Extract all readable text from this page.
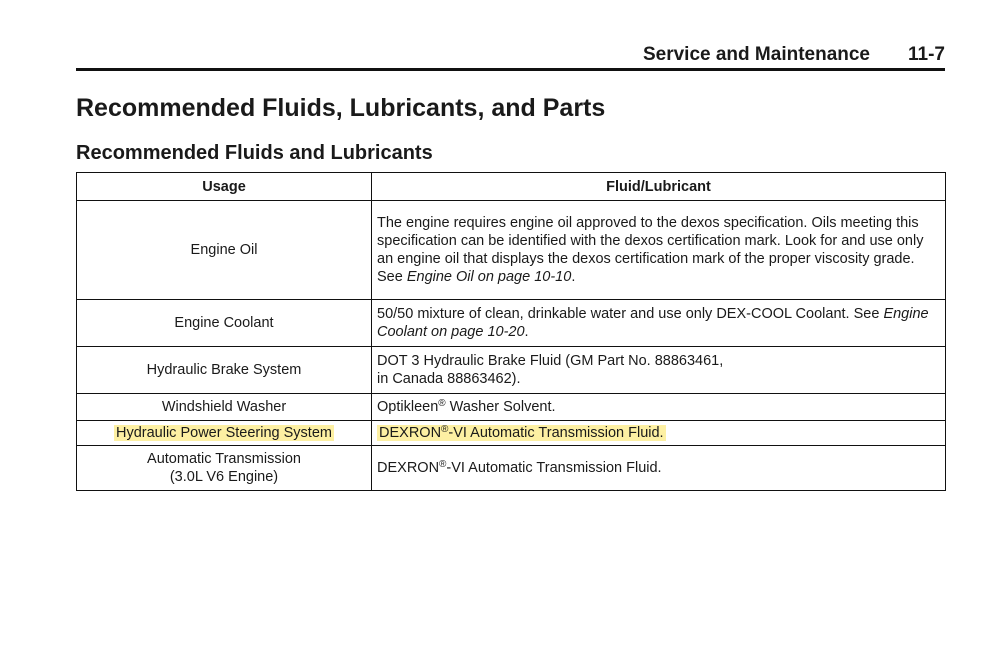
Service and Maintenance 11-7
Recommended Fluids, Lubricants, and Parts
Recommended Fluids and Lubricants
Usage	Fluid/Lubricant
Engine Oil	The engine requires engine oil approved to the dexos specification. Oils meeting this specification can be identified with the dexos certification mark. Look for and use only an engine oil that displays the dexos certification mark of the proper viscosity grade. See Engine Oil on page 10-10.
Engine Coolant	50/50 mixture of clean, drinkable water and use only DEX-COOL Coolant. See Engine Coolant on page 10-20.
Hydraulic Brake System	DOT 3 Hydraulic Brake Fluid (GM Part No. 88863461,
in Canada 88863462).
Windshield Washer	Optikleen® Washer Solvent.
Hydraulic Power Steering System	DEXRON®-VI Automatic Transmission Fluid.
Automatic Transmission
(3.0L V6 Engine)	DEXRON®-VI Automatic Transmission Fluid.
